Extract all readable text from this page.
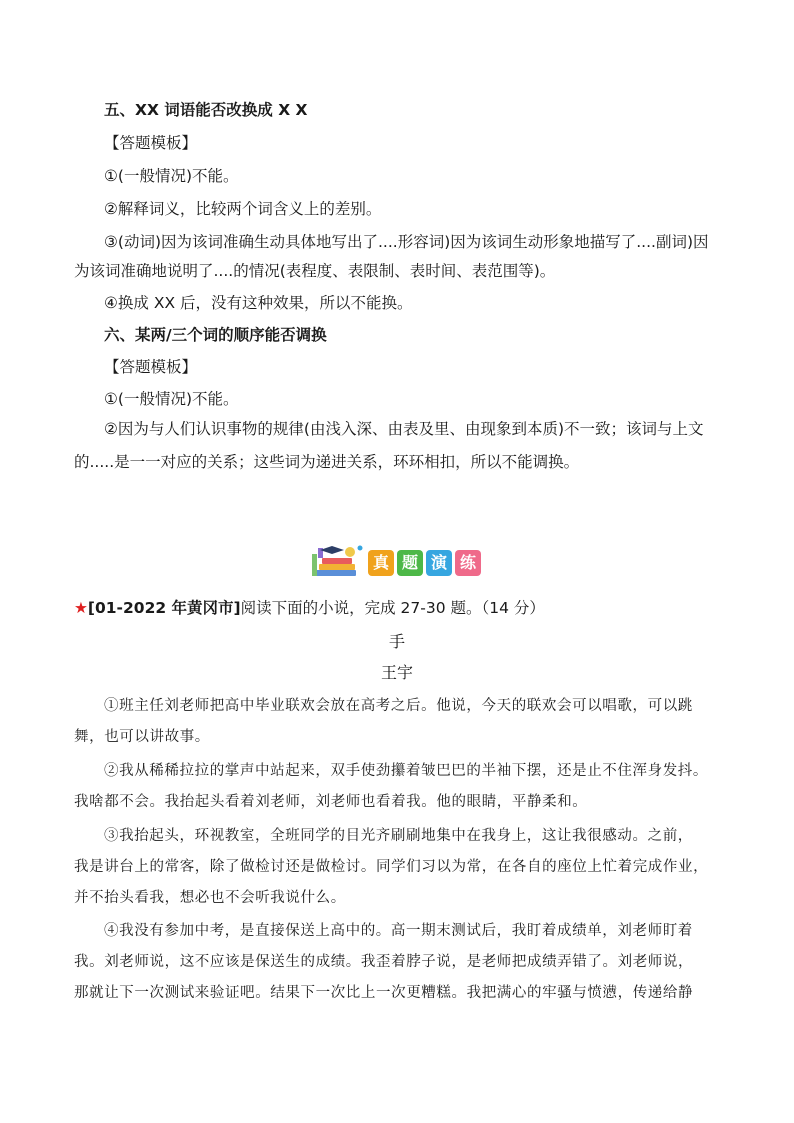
五、XX 词语能否改换成 X X
【答题模板】
①(一般情况)不能。
②解释词义，比较两个词含义上的差别。
③(动词)因为该词准确生动具体地写出了....形容词)因为该词生动形象地描写了....副词)因
为该词准确地说明了....的情况(表程度、表限制、表时间、表范围等)。
④换成 XX 后，没有这种效果，所以不能换。
六、某两/三个词的顺序能否调换
【答题模板】
①(一般情况)不能。
②因为与人们认识事物的规律(由浅入深、由表及里、由现象到本质)不一致；该词与上文
的.....是一一对应的关系；这些词为递进关系，环环相扣，所以不能调换。
真 题 演 练
★[01-2022 年黄冈市]阅读下面的小说，完成 27-30 题。（14 分）
手
王宇
①班主任刘老师把高中毕业联欢会放在高考之后。他说，今天的联欢会可以唱歌，可以跳
舞，也可以讲故事。
②我从稀稀拉拉的掌声中站起来，双手使劲攥着皱巴巴的半袖下摆，还是止不住浑身发抖。
我啥都不会。我抬起头看着刘老师，刘老师也看着我。他的眼睛，平静柔和。
③我抬起头，环视教室，全班同学的目光齐刷刷地集中在我身上，这让我很感动。之前，
我是讲台上的常客，除了做检讨还是做检讨。同学们习以为常，在各自的座位上忙着完成作业，
并不抬头看我，想必也不会听我说什么。
④我没有参加中考，是直接保送上高中的。高一期末测试后，我盯着成绩单，刘老师盯着
我。刘老师说，这不应该是保送生的成绩。我歪着脖子说，是老师把成绩弄错了。刘老师说，
那就让下一次测试来验证吧。结果下一次比上一次更糟糕。我把满心的牢骚与愤懑，传递给静
